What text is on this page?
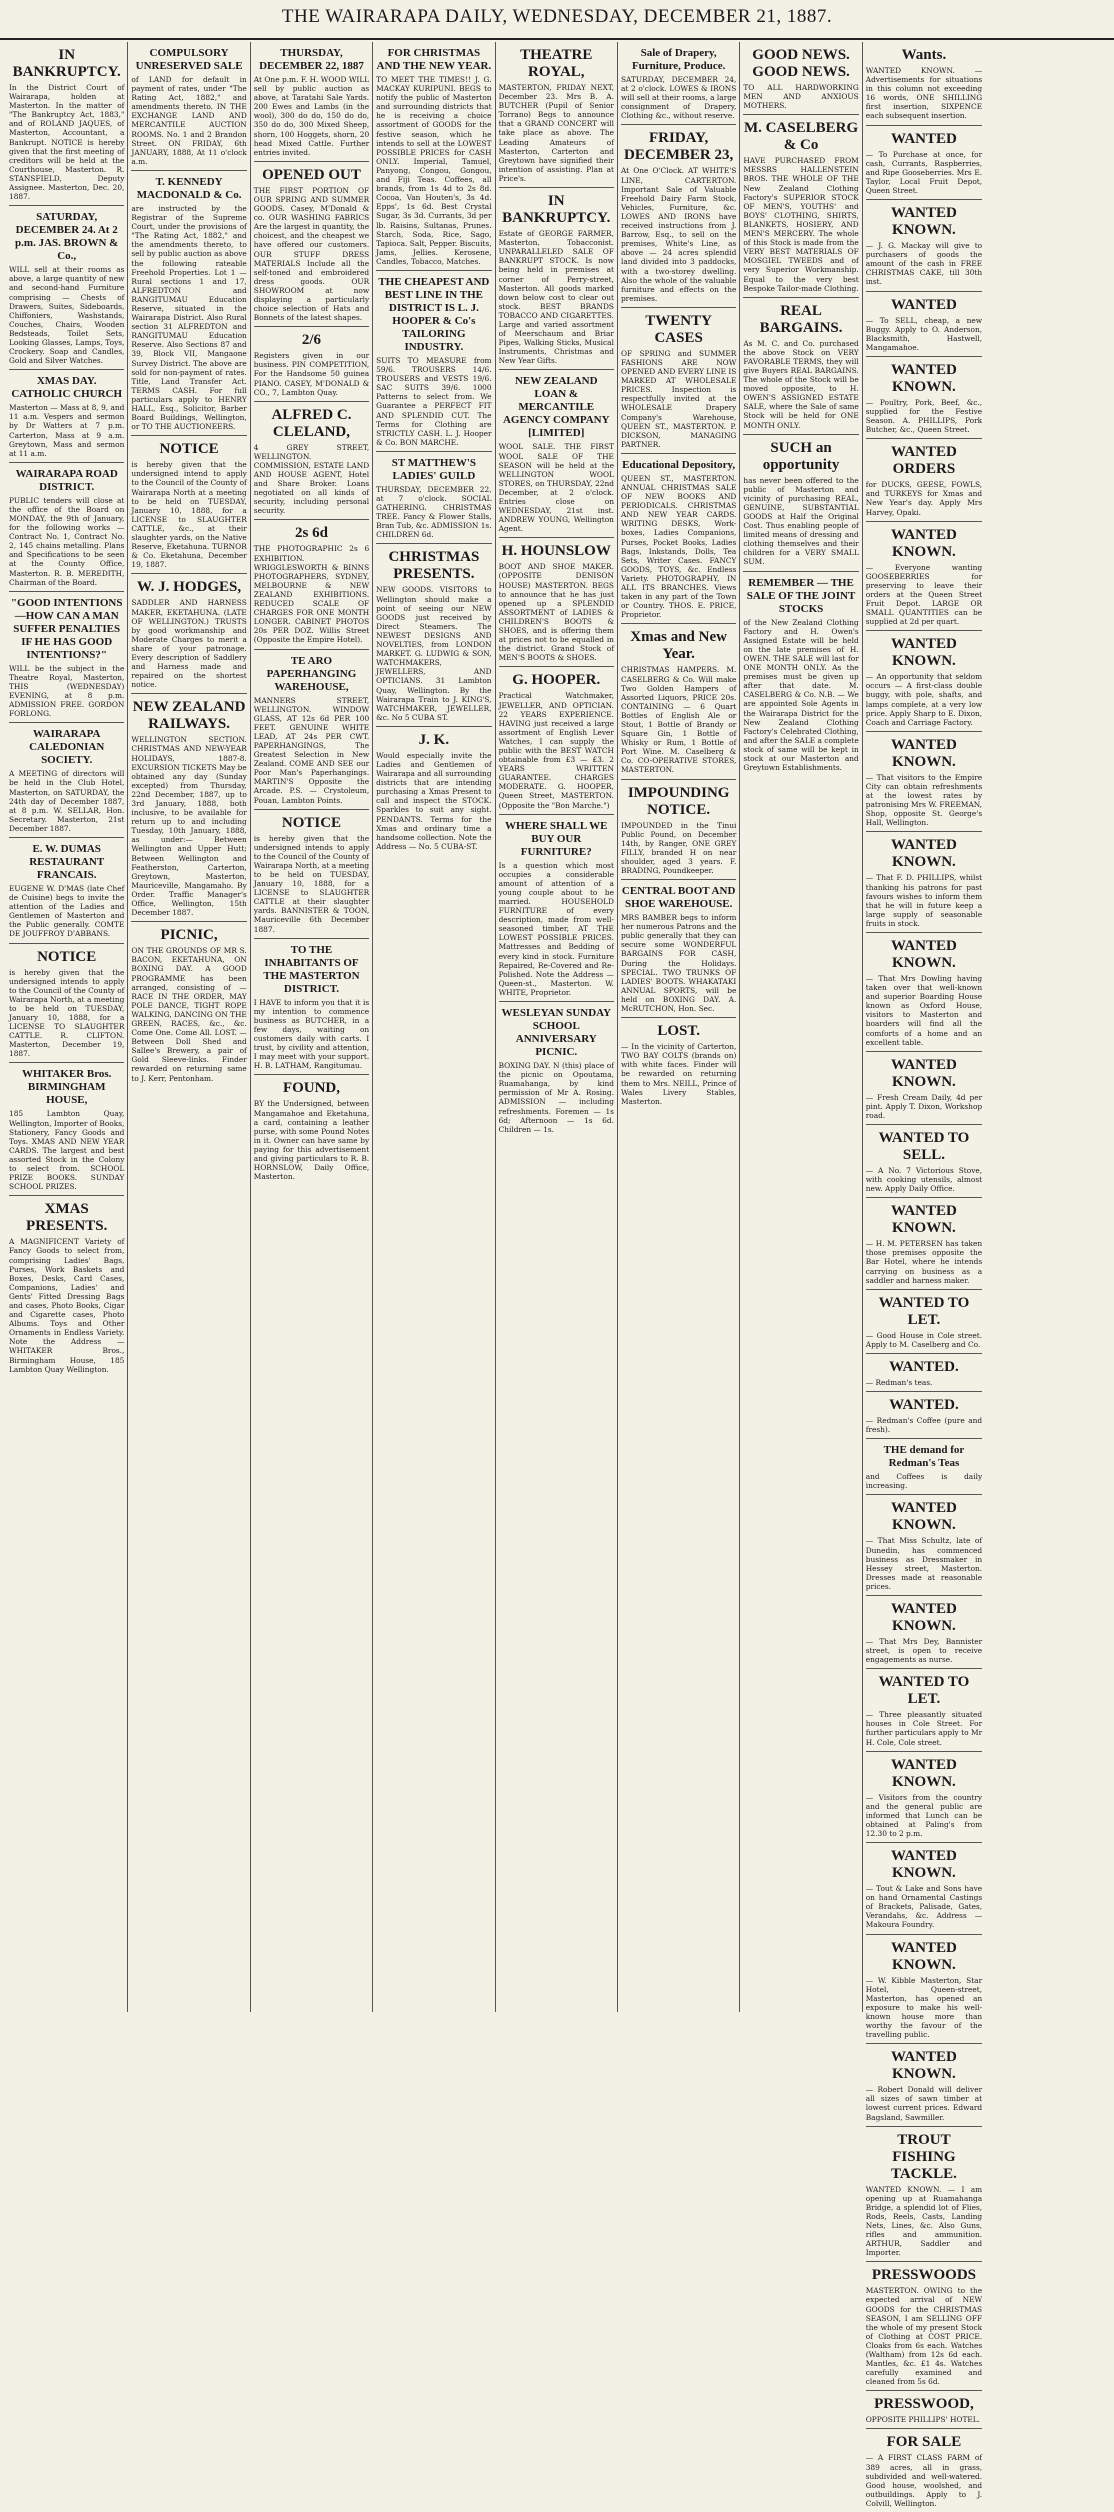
THE WAIRARAPA DAILY, WEDNESDAY, DECEMBER 21, 1887.
IN BANKRUPTCY.
In the District Court of Wairarapa, holden at Masterton. In the matter of "The Bankruptcy Act, 1883," and of ROLAND JAQUES, of Masterton, Accountant, a Bankrupt. NOTICE is hereby given that the first meeting of creditors will be held at the Courthouse, Masterton. R. STANSFIELD, Deputy Assignee. Masterton, Dec. 20, 1887.
SATURDAY, DECEMBER 24. At 2 p.m. JAS. BROWN & Co.,
WILL sell at their rooms as above, a large quantity of new and second-hand Furniture comprising — Chests of Drawers, Suites, Sideboards, Chiffoniers, Washstands, Couches, Chairs, Wooden Bedsteads, Toilet Sets, Looking Glasses, Lamps, Toys, Crockery. Soap and Candles, Gold and Silver Watches.
XMAS DAY. CATHOLIC CHURCH
Masterton — Mass at 8, 9, and 11 a.m. Vespers and sermon by Dr Watters at 7 p.m. Carterton, Mass at 9 a.m. Greytown, Mass and sermon at 11 a.m.
WAIRARAPA ROAD DISTRICT.
PUBLIC tenders will close at the office of the Board on MONDAY, the 9th of January, for the following works — Contract No. 1, Contract No. 2, 145 chains metalling. Plans and Specifications to be seen at the County Office, Masterton. R. B. MEREDITH, Chairman of the Board.
"GOOD INTENTIONS—HOW CAN A MAN SUFFER PENALTIES IF HE HAS GOOD INTENTIONS?"
WILL be the subject in the Theatre Royal, Masterton, THIS (WEDNESDAY) EVENING, at 8 p.m. ADMISSION FREE. GORDON FORLONG.
WAIRARAPA CALEDONIAN SOCIETY.
A MEETING of directors will be held in the Club Hotel, Masterton, on SATURDAY, the 24th day of December 1887, at 8 p.m. W. SELLAR, Hon. Secretary. Masterton, 21st December 1887.
E. W. DUMAS RESTAURANT FRANCAIS.
EUGENE W. D'MAS (late Chef de Cuisine) begs to invite the attention of the Ladies and Gentlemen of Masterton and the Public generally. COMTE DE JOUFFROY D'ABBANS.
NOTICE
is hereby given that the undersigned intends to apply to the Council of the County of Wairarapa North, at a meeting to be held on TUESDAY, January 10, 1888, for a LICENSE TO SLAUGHTER CATTLE. R. CLIFTON. Masterton, December 19, 1887.
WHITAKER Bros. BIRMINGHAM HOUSE,
185 Lambton Quay, Wellington, Importer of Books, Stationery, Fancy Goods and Toys. XMAS AND NEW YEAR CARDS. The largest and best assorted Stock in the Colony to select from. SCHOOL PRIZE BOOKS. SUNDAY SCHOOL PRIZES.
XMAS PRESENTS.
A MAGNIFICENT Variety of Fancy Goods to select from, comprising Ladies' Bags, Purses, Work Baskets and Boxes, Desks, Card Cases, Companions, Ladies' and Gents' Fitted Dressing Bags and cases, Photo Books, Cigar and Cigarette cases, Photo Albums. Toys and Other Ornaments in Endless Variety. Note the Address — WHITAKER Bros., Birmingham House, 185 Lambton Quay Wellington.
COMPULSORY UNRESERVED SALE
of LAND for default in payment of rates, under "The Rating Act, 1882," and amendments thereto. IN THE EXCHANGE LAND AND MERCANTILE AUCTION ROOMS. No. 1 and 2 Brandon Street. ON FRIDAY, 6th JANUARY, 1888, At 11 o'clock a.m.
T. KENNEDY MACDONALD & Co.
are instructed by the Registrar of the Supreme Court, under the provisions of "The Rating Act, 1882," and the amendments thereto, to sell by public auction as above the following rateable Freehold Properties. Lot 1 — Rural sections 1 and 17, ALFREDTON and RANGITUMAU Education Reserve, situated in the Wairarapa District. Also Rural section 31 ALFREDTON and RANGITUMAU Education Reserve. Also Sections 87 and 39, Block VII, Mangaone Survey District. The above are sold for non-payment of rates. Title, Land Transfer Act. TERMS CASH. For full particulars apply to HENRY HALL, Esq., Solicitor, Barber Board Buildings, Wellington, or TO THE AUCTIONEERS.
NOTICE
is hereby given that the undersigned intend to apply to the Council of the County of Wairarapa North at a meeting to be held on TUESDAY, January 10, 1888, for a LICENSE to SLAUGHTER CATTLE, &c., at their slaughter yards, on the Native Reserve, Eketahuna. TURNOR & Co. Eketahuna, December 19, 1887.
W. J. HODGES,
SADDLER AND HARNESS MAKER, EKETAHUNA. (LATE OF WELLINGTON.) TRUSTS by good workmanship and Moderate Charges to merit a share of your patronage. Every description of Saddlery and Harness made and repaired on the shortest notice.
NEW ZEALAND RAILWAYS.
WELLINGTON SECTION. CHRISTMAS AND NEW-YEAR HOLIDAYS, 1887-8. EXCURSION TICKETS May be obtained any day (Sunday excepted) from Thursday, 22nd December, 1887, up to 3rd January, 1888, both inclusive, to be available for return up to and including Tuesday, 10th January, 1888, as under:— Between Wellington and Upper Hutt; Between Wellington and Featherston, Carterton, Greytown, Masterton, Mauriceville, Mangamaho. By Order. Traffic Manager's Office, Wellington, 15th December 1887.
PICNIC,
ON THE GROUNDS OF MR S. BACON, EKETAHUNA, ON BOXING DAY. A GOOD PROGRAMME has been arranged, consisting of — RACE IN THE ORDER, MAY POLE DANCE, TIGHT ROPE WALKING, DANCING ON THE GREEN, RACES, &c., &c. Come One. Come All. LOST. — Between Doll Shed and Sallee's Brewery, a pair of Gold Sleeve-links. Finder rewarded on returning same to J. Kerr, Pentonham.
THURSDAY, DECEMBER 22, 1887
At One p.m. F. H. WOOD WILL sell by public auction as above, at Taratahi Sale Yards. 200 Ewes and Lambs (in the wool), 300 do do, 150 do do, 350 do do, 300 Mixed Sheep, shorn, 100 Hoggets, shorn, 20 head Mixed Cattle. Further entries invited.
OPENED OUT
THE FIRST PORTION OF OUR SPRING AND SUMMER GOODS. Casey, M'Donald & co. OUR WASHING FABRICS Are the largest in quantity, the choicest, and the cheapest we have offered our customers. OUR STUFF DRESS MATERIALS Include all the self-toned and embroidered dress goods. OUR SHOWROOM at now displaying a particularly choice selection of Hats and Bonnets of the latest shapes.
2/6
Registers given in our business. PIN COMPETITION, For the Handsome 50 guinea PIANO. CASEY, M'DONALD & CO., 7, Lambton Quay.
ALFRED C. CLELAND,
4 GREY STREET, WELLINGTON. COMMISSION, ESTATE LAND AND HOUSE AGENT, Hotel and Share Broker. Loans negotiated on all kinds of security, including personal security.
2s 6d
THE PHOTOGRAPHIC 2s 6 EXHIBITION. WRIGGLESWORTH & BINNS PHOTOGRAPHERS, SYDNEY, MELBOURNE & NEW ZEALAND EXHIBITIONS. REDUCED SCALE OF CHARGES FOR ONE MONTH LONGER. CABINET PHOTOS 20s PER DOZ. Willis Street (Opposite the Empire Hotel).
TE ARO PAPERHANGING WAREHOUSE,
MANNERS STREET, WELLINGTON. WINDOW GLASS, AT 12s 6d PER 100 FEET. GENUINE WHITE LEAD, AT 24s PER CWT. PAPERHANGINGS, The Greatest Selection in New Zealand. COME AND SEE our Poor Man's Paperhangings. MARTIN'S Opposite the Arcade. P.S. — Crystoleum, Pouan, Lambton Points.
NOTICE
is hereby given that the undersigned intends to apply to the Council of the County of Wairarapa North, at a meeting to be held on TUESDAY, January 10, 1888, for a LICENSE to SLAUGHTER CATTLE at their slaughter yards. BANNISTER & TOON, Mauriceville 6th December 1887.
TO THE INHABITANTS OF THE MASTERTON DISTRICT.
I HAVE to inform you that it is my intention to commence business as BUTCHER, in a few days, waiting on customers daily with carts. I trust, by civility and attention, I may meet with your support. H. B. LATHAM, Rangitumau.
FOUND,
BY the Undersigned, between Mangamahoe and Eketahuna, a card, containing a leather purse, with some Pound Notes in it. Owner can have same by paying for this advertisement and giving particulars to R. B. HORNSLOW, Daily Office, Masterton.
FOR CHRISTMAS AND THE NEW YEAR.
TO MEET THE TIMES!! J. G. MACKAY KURIPUNI. BEGS to notify the public of Masterton and surrounding districts that he is receiving a choice assortment of GOODS for the festive season, which he intends to sell at the LOWEST POSSIBLE PRICES for CASH ONLY. Imperial, Tamuel, Panyong, Congou, Gongou, and Fiji Teas. Coffees, all brands, from 1s 4d to 2s 8d. Cocoa, Van Houten's, 3s 4d. Epps', 1s 6d. Best Crystal Sugar, 3s 3d. Currants, 3d per lb. Raisins, Sultanas, Prunes. Starch, Soda, Rice, Sago, Tapioca. Salt, Pepper. Biscuits, Jams, Jellies. Kerosene, Candles, Tobacco, Matches.
THE CHEAPEST AND BEST LINE IN THE DISTRICT IS L. J. HOOPER & Co's TAILORING INDUSTRY.
SUITS TO MEASURE from 59/6. TROUSERS 14/6. TROUSERS and VESTS 19/6. SAC SUITS 39/6. 1000 Patterns to select from. We Guarantee a PERFECT FIT AND SPLENDID CUT. The Terms for Clothing are STRICTLY CASH. L. J. Hooper & Co. BON MARCHE.
ST MATTHEW'S LADIES' GUILD
THURSDAY, DECEMBER 22, at 7 o'clock. SOCIAL GATHERING. CHRISTMAS TREE. Fancy & Flower Stalls, Bran Tub, &c. ADMISSION 1s. CHILDREN 6d.
CHRISTMAS PRESENTS.
NEW GOODS. VISITORS to Wellington should make a point of seeing our NEW GOODS just received by Direct Steamers. The NEWEST DESIGNS AND NOVELTIES, from LONDON MARKET. G. LUDWIG & SON, WATCHMAKERS, JEWELLERS, AND OPTICIANS. 31 Lambton Quay, Wellington. By the Wairarapa Train to J. KING'S, WATCHMAKER, JEWELLER, &c. No 5 CUBA ST.
J. K.
Would especially invite the Ladies and Gentlemen of Wairarapa and all surrounding districts that are intending purchasing a Xmas Present to call and inspect the STOCK. Sparkles to suit any sight. PENDANTS. Terms for the Xmas and ordinary time a handsome collection. Note the Address — No. 5 CUBA-ST.
THEATRE ROYAL,
MASTERTON, FRIDAY NEXT, December 23. Mrs B. A. BUTCHER (Pupil of Senior Torrano) Begs to announce that a GRAND CONCERT will take place as above. The Leading Amateurs of Masterton, Carterton and Greytown have signified their intention of assisting. Plan at Price's.
IN BANKRUPTCY.
Estate of GEORGE FARMER, Masterton, Tobacconist. UNPARALLELED SALE OF BANKRUPT STOCK. Is now being held in premises at corner of Perry-street, Masterton. All goods marked down below cost to clear out stock. BEST BRANDS TOBACCO AND CIGARETTES. Large and varied assortment of Meerschaum and Briar Pipes, Walking Sticks, Musical Instruments, Christmas and New Year Gifts.
NEW ZEALAND LOAN & MERCANTILE AGENCY COMPANY [LIMITED]
WOOL SALE. THE FIRST WOOL SALE OF THE SEASON will be held at the WELLINGTON WOOL STORES, on THURSDAY, 22nd December, at 2 o'clock. Entries close on WEDNESDAY, 21st inst. ANDREW YOUNG, Wellington Agent.
H. HOUNSLOW
BOOT AND SHOE MAKER. (OPPOSITE DENISON HOUSE) MASTERTON. BEGS to announce that he has just opened up a SPLENDID ASSORTMENT of LADIES & CHILDREN'S BOOTS & SHOES, and is offering them at prices not to be equalled in the district. Grand Stock of MEN'S BOOTS & SHOES.
G. HOOPER.
Practical Watchmaker, JEWELLER, AND OPTICIAN. 22 YEARS EXPERIENCE. HAVING just received a large assortment of English Lever Watches, I can supply the public with the BEST WATCH obtainable from £3 — £3. 2 YEARS WRITTEN GUARANTEE. CHARGES MODERATE. G. HOOPER, Queen Street, MASTERTON. (Opposite the "Bon Marche.")
WHERE SHALL WE BUY OUR FURNITURE?
Is a question which most occupies a considerable amount of attention of a young couple about to be married. HOUSEHOLD FURNITURE of every description, made from well-seasoned timber, AT THE LOWEST POSSIBLE PRICES. Mattresses and Bedding of every kind in stock. Furniture Repaired, Re-Covered and Re-Polished. Note the Address — Queen-st., Masterton. W. WHITE, Proprietor.
WESLEYAN SUNDAY SCHOOL ANNIVERSARY PICNIC.
BOXING DAY. N (this) place of the picnic on Opoutama, Ruamahanga, by kind permission of Mr A. Rosing. ADMISSION — including refreshments. Foremen — 1s 6d; Afternoon — 1s 6d. Children — 1s.
Sale of Drapery, Furniture, Produce.
SATURDAY, DECEMBER 24, at 2 o'clock. LOWES & IRONS will sell at their rooms, a large consignment of Drapery, Clothing &c., without reserve.
FRIDAY, DECEMBER 23,
At One O'Clock. AT WHITE'S LINE, CARTERTON. Important Sale of Valuable Freehold Dairy Farm Stock, Vehicles, Furniture, &c. LOWES AND IRONS have received instructions from J. Barrow, Esq., to sell on the premises, White's Line, as above — 24 acres splendid land divided into 3 paddocks, with a two-storey dwelling. Also the whole of the valuable furniture and effects on the premises.
TWENTY CASES
OF SPRING and SUMMER FASHIONS ARE NOW OPENED AND EVERY LINE IS MARKED AT WHOLESALE PRICES. Inspection is respectfully invited at the WHOLESALE Drapery Company's Warehouse, QUEEN ST., MASTERTON. P. DICKSON, MANAGING PARTNER.
Educational Depository,
QUEEN ST., MASTERTON. ANNUAL CHRISTMAS SALE OF NEW BOOKS AND PERIODICALS. CHRISTMAS AND NEW YEAR CARDS. WRITING DESKS, Work-boxes, Ladies Companions, Purses, Pocket Books, Ladies Bags, Inkstands, Dolls, Tea Sets, Writer Cases. FANCY GOODS, TOYS, &c. Endless Variety. PHOTOGRAPHY, IN ALL ITS BRANCHES. Views taken in any part of the Town or Country. THOS. E. PRICE, Proprietor.
Xmas and New Year.
CHRISTMAS HAMPERS. M. CASELBERG & Co. Will make Two Golden Hampers of Assorted Liquors, PRICE 20s. CONTAINING — 6 Quart Bottles of English Ale or Stout, 1 Bottle of Brandy or Square Gin, 1 Bottle of Whisky or Rum, 1 Bottle of Port Wine. M. Caselberg & Co. CO-OPERATIVE STORES, MASTERTON.
IMPOUNDING NOTICE.
IMPOUNDED in the Tinui Public Pound, on December 14th, by Ranger, ONE GREY FILLY, branded H on near shoulder, aged 3 years. F. BRADING, Poundkeeper.
CENTRAL BOOT AND SHOE WAREHOUSE.
MRS BAMBER begs to inform her numerous Patrons and the public generally that they can secure some WONDERFUL BARGAINS FOR CASH, During the Holidays. SPECIAL. TWO TRUNKS OF LADIES' BOOTS. WHAKATAKI ANNUAL SPORTS, will be held on BOXING DAY. A. McRUTCHON, Hon. Sec.
LOST.
— In the vicinity of Carterton, TWO BAY COLTS (brands on) with white faces. Finder will be rewarded on returning them to Mrs. NEILL, Prince of Wales Livery Stables, Masterton.
GOOD NEWS. GOOD NEWS.
TO ALL HARDWORKING MEN AND ANXIOUS MOTHERS.
M. CASELBERG & Co
HAVE PURCHASED FROM MESSRS HALLENSTEIN BROS. THE WHOLE OF THE New Zealand Clothing Factory's SUPERIOR STOCK OF MEN'S, YOUTHS' and BOYS' CLOTHING, SHIRTS, BLANKETS, HOSIERY, AND MEN'S MERCERY. The whole of this Stock is made from the VERY BEST MATERIALS OF MOSGIEL TWEEDS and of very Superior Workmanship. Equal to the very best Bespoke Tailor-made Clothing.
REAL BARGAINS.
As M. C. and Co. purchased the above Stock on VERY FAVORABLE TERMS, they will give Buyers REAL BARGAINS. The whole of the Stock will be moved opposite, to H. OWEN'S ASSIGNED ESTATE SALE, where the Sale of same Stock will be held for ONE MONTH ONLY.
SUCH an opportunity
has never been offered to the public of Masterton and vicinity of purchasing REAL, GENUINE, SUBSTANTIAL GOODS at Half the Original Cost. Thus enabling people of limited means of dressing and clothing themselves and their children for a VERY SMALL SUM.
REMEMBER — THE SALE OF THE JOINT STOCKS
of the New Zealand Clothing Factory and H. Owen's Assigned Estate will be held on the late premises of H. OWEN. THE SALE will last for ONE MONTH ONLY. As the premises must be given up after that date. M. CASELBERG & Co. N.B. — We are appointed Sole Agents in the Wairarapa District for the New Zealand Clothing Factory's Celebrated Clothing, and after the SALE a complete stock of same will be kept in stock at our Masterton and Greytown Establishments.
Wants.
WANTED KNOWN. — Advertisements for situations in this column not exceeding 16 words, ONE SHILLING first insertion, SIXPENCE each subsequent insertion.
WANTED
— To Purchase at once, for cash, Currants, Raspberries, and Ripe Gooseberries. Mrs E. Taylor, Local Fruit Depot, Queen Street.
WANTED KNOWN.
— J. G. Mackay will give to purchasers of goods the amount of the cash in FREE CHRISTMAS CAKE, till 30th inst.
WANTED
— To SELL, cheap, a new Buggy. Apply to O. Anderson, Blacksmith, Hastwell, Mangamahoe.
WANTED KNOWN.
— Poultry, Pork, Beef, &c., supplied for the Festive Season. A. PHILLIPS, Pork Butcher, &c., Queen Street.
WANTED ORDERS
for DUCKS, GEESE, FOWLS, and TURKEYS for Xmas and New Year's day. Apply Mrs Harvey, Opaki.
WANTED KNOWN.
— Everyone wanting GOOSEBERRIES for preserving to leave their orders at the Queen Street Fruit Depot. LARGE OR SMALL QUANTITIES can be supplied at 2d per quart.
WANTED KNOWN.
— An opportunity that seldom occurs — A first-class double buggy, with pole, shafts, and lamps complete, at a very low price. Apply Sharp to E. Dixon, Coach and Carriage Factory.
WANTED KNOWN.
— That visitors to the Empire City can obtain refreshments at the lowest rates by patronising Mrs W. FREEMAN, Shop, opposite St. George's Hall, Wellington.
WANTED KNOWN.
— That F. D. PHILLIPS, whilst thanking his patrons for past favours wishes to inform them that he will in future keep a large supply of seasonable fruits in stock.
WANTED KNOWN.
— That Mrs Dowling having taken over that well-known and superior Boarding House known as Oxford House, visitors to Masterton and boarders will find all the comforts of a home and an excellent table.
WANTED KNOWN.
— Fresh Cream Daily, 4d per pint. Apply T. Dixon, Workshop road.
WANTED TO SELL.
— A No. 7 Victorious Stove, with cooking utensils, almost new. Apply Daily Office.
WANTED KNOWN.
— H. M. PETERSEN has taken those premises opposite the Bar Hotel, where he intends carrying on business as a saddler and harness maker.
WANTED TO LET.
— Good House in Cole street. Apply to M. Caselberg and Co.
WANTED.
— Redman's teas.
WANTED.
— Redman's Coffee (pure and fresh).
THE demand for Redman's Teas
and Coffees is daily increasing.
WANTED KNOWN.
— That Miss Schultz, late of Dunedin, has commenced business as Dressmaker in Hessey street, Masterton. Dresses made at reasonable prices.
WANTED KNOWN.
— That Mrs Dey, Bannister street, is open to receive engagements as nurse.
WANTED TO LET.
— Three pleasantly situated houses in Cole Street. For further particulars apply to Mr H. Cole, Cole street.
WANTED KNOWN.
— Visitors from the country and the general public are informed that Lunch can be obtained at Paling's from 12.30 to 2 p.m.
WANTED KNOWN.
— Tout & Lake and Sons have on hand Ornamental Castings of Brackets, Palisade, Gates, Verandahs, &c. Address — Makoura Foundry.
WANTED KNOWN.
— W. Kibble Masterton, Star Hotel, Queen-street, Masterton, has opened an exposure to make his well-known house more than worthy the favour of the travelling public.
WANTED KNOWN.
— Robert Donald will deliver all sizes of sawn timber at lowest current prices. Edward Bagsland, Sawmiller.
TROUT FISHING TACKLE.
WANTED KNOWN. — I am opening up at Ruamahanga Bridge, a splendid lot of Flies, Rods, Reels, Casts, Landing Nets, Lines, &c. Also Guns, rifles and ammunition. ARTHUR, Saddler and Importer.
PRESSWOODS
MASTERTON. OWING to the expected arrival of NEW GOODS for the CHRISTMAS SEASON, I am SELLING OFF the whole of my present Stock of Clothing at COST PRICE. Cloaks from 6s each. Watches (Waltham) from 12s 6d each. Mantles, &c. £1 4s. Watches carefully examined and cleaned from 5s 6d.
PRESSWOOD,
OPPOSITE PHILLIPS' HOTEL.
FOR SALE
— A FIRST CLASS FARM of 389 acres, all in grass, subdivided and well-watered. Good house, woolshed, and outbuildings. Apply to J. Colvill, Wellington.
